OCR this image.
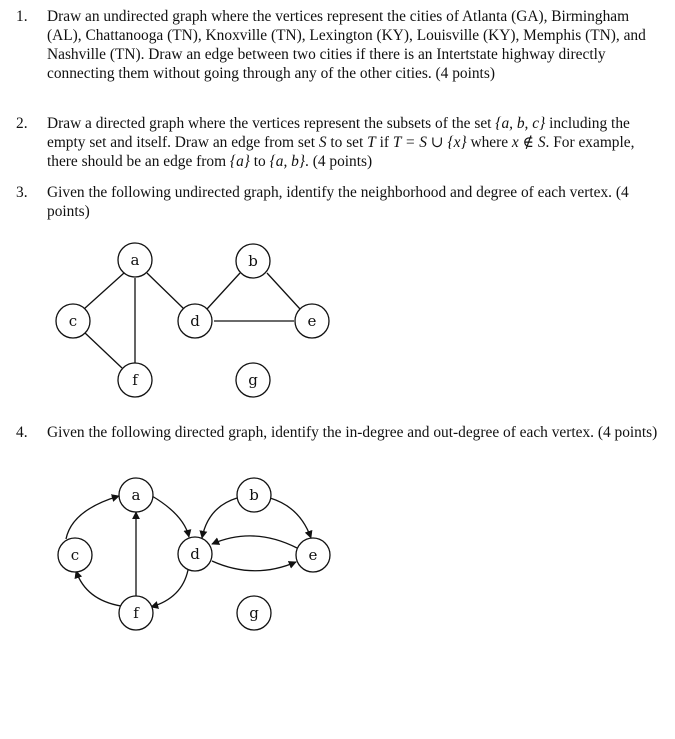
1. Draw an undirected graph where the vertices represent the cities of Atlanta (GA), Birmingham (AL), Chattanooga (TN), Knoxville (TN), Lexington (KY), Louisville (KY), Memphis (TN), and Nashville (TN). Draw an edge between two cities if there is an Intertstate highway directly connecting them without going through any of the other cities. (4 points)
2. Draw a directed graph where the vertices represent the subsets of the set {a, b, c} including the empty set and itself. Draw an edge from set S to set T if T = S ∪ {x} where x ∉ S. For example, there should be an edge from {a} to {a, b}. (4 points)
3. Given the following undirected graph, identify the neighborhood and degree of each vertex. (4 points)
a	b
c	d	e
f	g
4. Given the following directed graph, identify the in-degree and out-degree of each vertex. (4 points)
a	b
c	d	e
f	g
